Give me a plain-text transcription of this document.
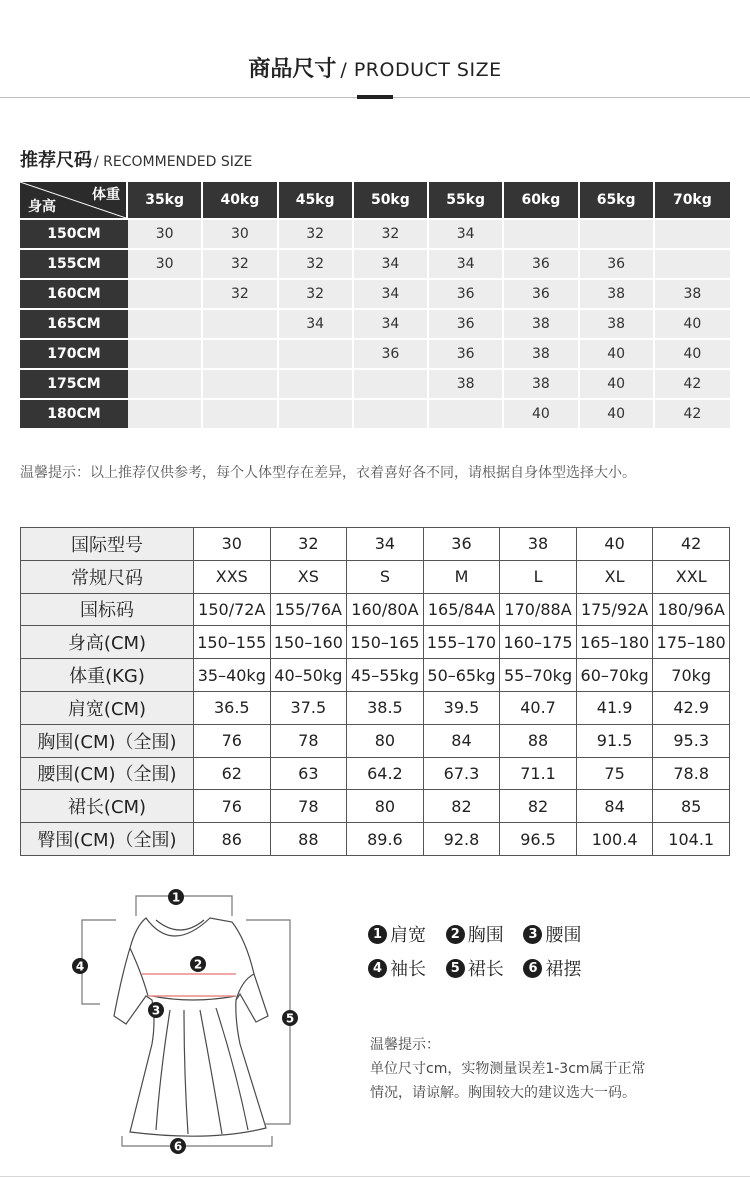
商品尺寸 / PRODUCT SIZE
推荐尺码 / RECOMMENDED SIZE
体重
身高	35kg	40kg	45kg	50kg	55kg	60kg	65kg	70kg
150CM	30	30	32	32	34			
155CM	30	32	32	34	34	36	36	
160CM		32	32	34	36	36	38	38
165CM			34	34	36	38	38	40
170CM				36	36	38	40	40
175CM					38	38	40	42
180CM						40	40	42
温馨提示：以上推荐仅供参考，每个人体型存在差异，衣着喜好各不同，请根据自身体型选择大小。
国际型号	30	32	34	36	38	40	42
常规尺码	XXS	XS	S	M	L	XL	XXL
国标码	150/72A	155/76A	160/80A	165/84A	170/88A	175/92A	180/96A
身高(CM)	150–155	150–160	150–165	155–170	160–175	165–180	175–180
体重(KG)	35–40kg	40–50kg	45–55kg	50–65kg	55–70kg	60–70kg	70kg
肩宽(CM)	36.5	37.5	38.5	39.5	40.7	41.9	42.9
胸围(CM)（全围)	76	78	80	84	88	91.5	95.3
腰围(CM)（全围)	62	63	64.2	67.3	71.1	75	78.8
裙长(CM)	76	78	80	82	82	84	85
臀围(CM)（全围)	86	88	89.6	92.8	96.5	100.4	104.1
1
2
3
4
5
6
1 肩宽 2 胸围 3 腰围
4 袖长 5 裙长 6 裙摆
温馨提示：
单位尺寸cm，实物测量误差1-3cm属于正常
情况，请谅解。胸围较大的建议选大一码。
